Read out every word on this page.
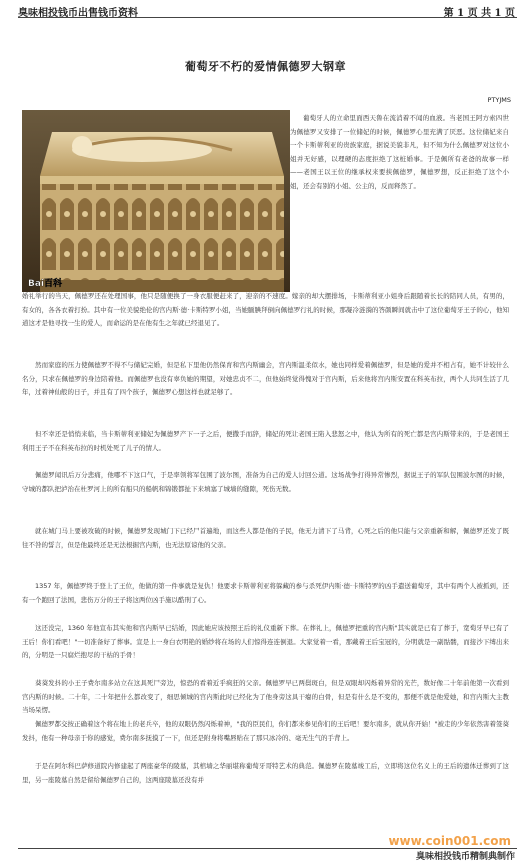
臭味相投钱币出售钱币资料	第 1 页 共 1 页
葡萄牙不朽的爱情佩德罗大钢章
PTYJMS
Bai百科

葡萄牙人的立命里面西天鲁在流消着不闻的血液。当老国王阿方索四世为佩德罗又安排了一位储妃的时候，佩德罗心里充满了厌恶。这位储妃来自一个卡斯蒂利亚的贵族家庭，据说美貌非凡，但不知为什么佩德罗对这位小姐并无好感，以理硬的态度拒绝了这桩婚事。于是佩所有老爸的故事一样——老国王以王位的继承权来要挟佩德罗，佩德罗想，反正拒绝了这个小姐，还会有别的小姐、公主的，反而释然了。

婚礼举行的当天，佩德罗还在处理国事，他只是随便换了一身衣服便赶来了，迎亲的不速度。嫁亲的却大摆排场，卡斯蒂利亚小姐身后跟随着长长的陪同人员，有男的，有女的，各各衣着打扮。其中有一位美貌绝伦的宫内斯·德·卡斯特罗小姐，当她腼腆拜倒向佩德罗行礼的时候，那凝冷涟漪的答颜瞬间就击中了这位葡萄牙王子的心，他知道这才是他寻找一生的爱人，而命运的是在他有生之年就已经退见了。

然而家庭的压力使佩德罗不得不与储妃完婚，但是私下里他仍然保育和宫内斯幽会，宫内斯温柔似水，她也同样爱着佩德罗，但是她的爱并不相占有，她不计较什么名分，只求在佩德罗的身边陪着他。而佩德罗也没有辜负她的期望，对她忠贞不二，但他始终觉得愧对于宫内斯，后来他将宫内斯安置在科英布拉，两个人共同生活了几年，过着神仙般的日子，并且有了四个孩子，佩德罗心想这样也就足够了。

但不幸还是悄悄来临，当卡斯蒂利亚储妃为佩德罗产下一子之后，便撒手而辞，储妃的死让老国王陷入悲怒之中，他认为所有的死亡都是宫内斯带来的，于是老国王利用王子不在科英布拉的时机处死了儿子的情人。

佩德罗闻讯后万分悲痛，他哪不下这口气，于是率领将军包围了波尔图，准备为自己的爱人讨回公道。这场战争打得异常惨烈，据说王子的军队包围波尔图的时候，守城的都队把泸治在杜罗河上的所有船只的船帆和锦锻都扯下来填塞了城墙的缝隙，死伤无数。

就在城门马上要被攻破的时候，佩德罗发现城门下已经尸首遍地，而这些人都是他的子民，他无力清下了马背，心死之后的他只能与父亲重新和解，佩德罗还发了既往不咎的誓言，但是他最终还是无法根掘宫内斯，也无法原谅他的父亲。

1357 年，佩德罗终于登上了王位，他做的第一件事就是复仇！他要求卡斯蒂利亚将躲藏的参与杀死伊内斯·德·卡斯特罗的凶手遣送葡萄牙，其中有两个人被抓到，还有一个跑回了法国，悲伤万分的王子将这两位凶手施以酷刑了心。

这还没完，1360 年他宣布其实他和宫内斯早已结婚，因此她应该按照王后的礼仪重新下葬。在葬礼上，佩德罗把重的宫内斯"其实就是已有了葬于，宽萄牙早已有了王后！你们看吧！"一切准备好了葬事。宣是上一身白衣明艳的婚纱将在场的人们惊得连连倒退。大家觉着一看，那戴着王后宝冠的，分明就是一副骷髅，而接沙下缚出来的，分明是一只腐烂抱尽的干枯的手骨！

葵葵发抖的小王子费尔南多站立在这具死尸旁边，惊恐的看着近乎疯狂的父亲。佩德罗早已两鬓斑白，但是双眼却闪烁着异常的光芒，数好像二十年前他第一次看到宫内斯的时候。二十年，二十年把什么都改变了，细思倾城的宫内斯此时已经化为了他身旁这具干瘪的白骨，但是有什么是不变的，那便不就是他爱她，和宫内斯大主教当场呆愣。

佩德罗都交按正确着这个将在地上的老兵卒，他的双眼仍然闪烁着神，"我的臣民们，你们都来参见你们的王后吧！要尔南多，就从你开始！"被走的少年依然害着签葵发抖，他有一种母亲于你的感觉，费尔南多抚摸了一下，但还是附身将嘴唇贴在了那只冰冷的、毫无生气的手背上。

于是在阿尔科巴萨修道院内修建起了两座豪华的陵墓，其棺墙之华丽堪称葡萄牙哥特艺术的典范。佩德罗在陵墓竣工后，立即将这位名义上的王后的遗体迁葬到了这里，另一座陵墓自然是留给佩德罗自己的，这两座陵墓还没有并

www.coin001.com
臭味相投钱币精制典制作
